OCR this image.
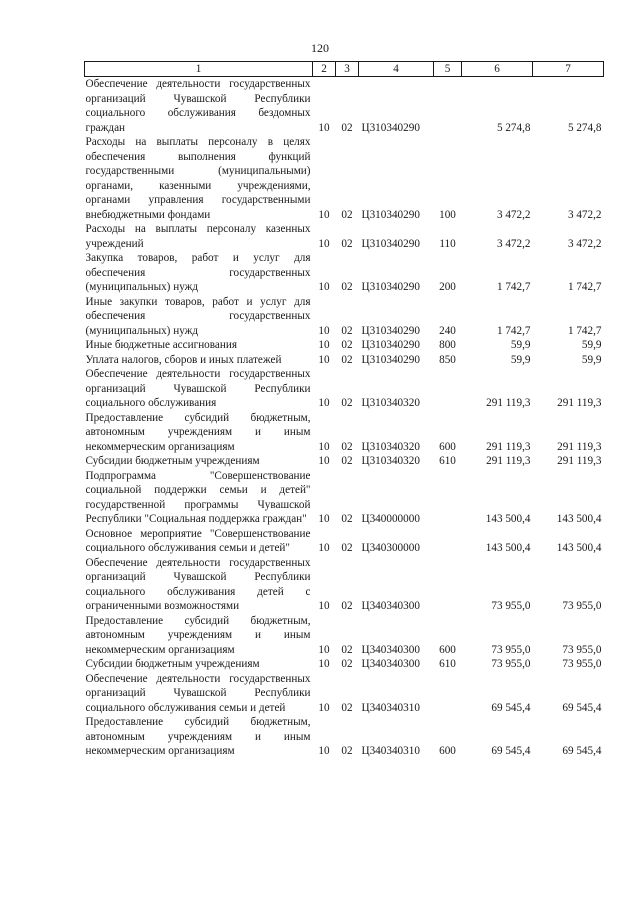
120
1	2	3	4	5	6	7
Обеспечение деятельности государственных организаций Чувашской Республики социального обслуживания бездомных граждан	10	02	Ц310340290		5 274,8	5 274,8
Расходы на выплаты персоналу в целях обеспечения выполнения функций государственными (муниципальными) органами, казенными учреждениями, органами управления государственными внебюджетными фондами	10	02	Ц310340290	100	3 472,2	3 472,2
Расходы на выплаты персоналу казенных учреждений	10	02	Ц310340290	110	3 472,2	3 472,2
Закупка товаров, работ и услуг для обеспечения государственных (муниципальных) нужд	10	02	Ц310340290	200	1 742,7	1 742,7
Иные закупки товаров, работ и услуг для обеспечения государственных (муниципальных) нужд	10	02	Ц310340290	240	1 742,7	1 742,7
Иные бюджетные ассигнования	10	02	Ц310340290	800	59,9	59,9
Уплата налогов, сборов и иных платежей	10	02	Ц310340290	850	59,9	59,9
Обеспечение деятельности государственных организаций Чувашской Республики социального обслуживания	10	02	Ц310340320		291 119,3	291 119,3
Предоставление субсидий бюджетным, автономным учреждениям и иным некоммерческим организациям	10	02	Ц310340320	600	291 119,3	291 119,3
Субсидии бюджетным учреждениям	10	02	Ц310340320	610	291 119,3	291 119,3
Подпрограмма "Совершенствование социальной поддержки семьи и детей" государственной программы Чувашской Республики "Социальная поддержка граждан"	10	02	Ц340000000		143 500,4	143 500,4
Основное мероприятие "Совершенствование социального обслуживания семьи и детей"	10	02	Ц340300000		143 500,4	143 500,4
Обеспечение деятельности государственных организаций Чувашской Республики социального обслуживания детей с ограниченными возможностями	10	02	Ц340340300		73 955,0	73 955,0
Предоставление субсидий бюджетным, автономным учреждениям и иным некоммерческим организациям	10	02	Ц340340300	600	73 955,0	73 955,0
Субсидии бюджетным учреждениям	10	02	Ц340340300	610	73 955,0	73 955,0
Обеспечение деятельности государственных организаций Чувашской Республики социального обслуживания семьи и детей	10	02	Ц340340310		69 545,4	69 545,4
Предоставление субсидий бюджетным, автономным учреждениям и иным некоммерческим организациям	10	02	Ц340340310	600	69 545,4	69 545,4
